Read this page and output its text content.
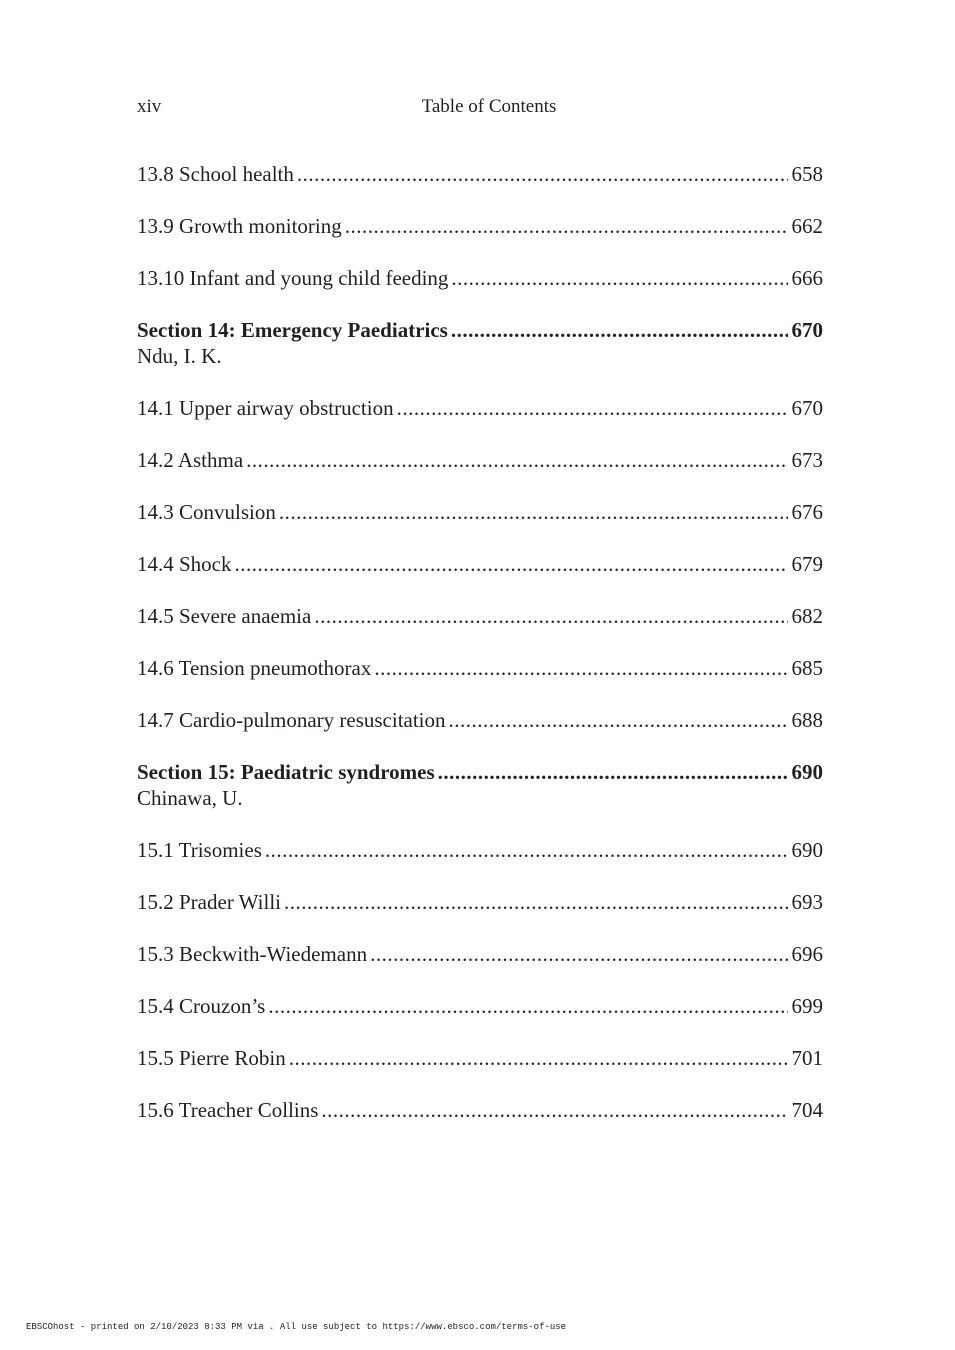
xiv	Table of Contents
13.8 School health .....	658
13.9 Growth monitoring .....	662
13.10 Infant and young child feeding .....	666
Section 14: Emergency Paediatrics .....	670
Ndu, I. K.
14.1 Upper airway obstruction .....	670
14.2 Asthma .....	673
14.3 Convulsion .....	676
14.4 Shock .....	679
14.5 Severe anaemia .....	682
14.6 Tension pneumothorax .....	685
14.7 Cardio-pulmonary resuscitation .....	688
Section 15: Paediatric syndromes .....	690
Chinawa, U.
15.1 Trisomies .....	690
15.2 Prader Willi .....	693
15.3 Beckwith-Wiedemann .....	696
15.4 Crouzon’s .....	699
15.5 Pierre Robin .....	701
15.6 Treacher Collins .....	704
EBSCOhost - printed on 2/10/2023 8:33 PM via . All use subject to https://www.ebsco.com/terms-of-use
